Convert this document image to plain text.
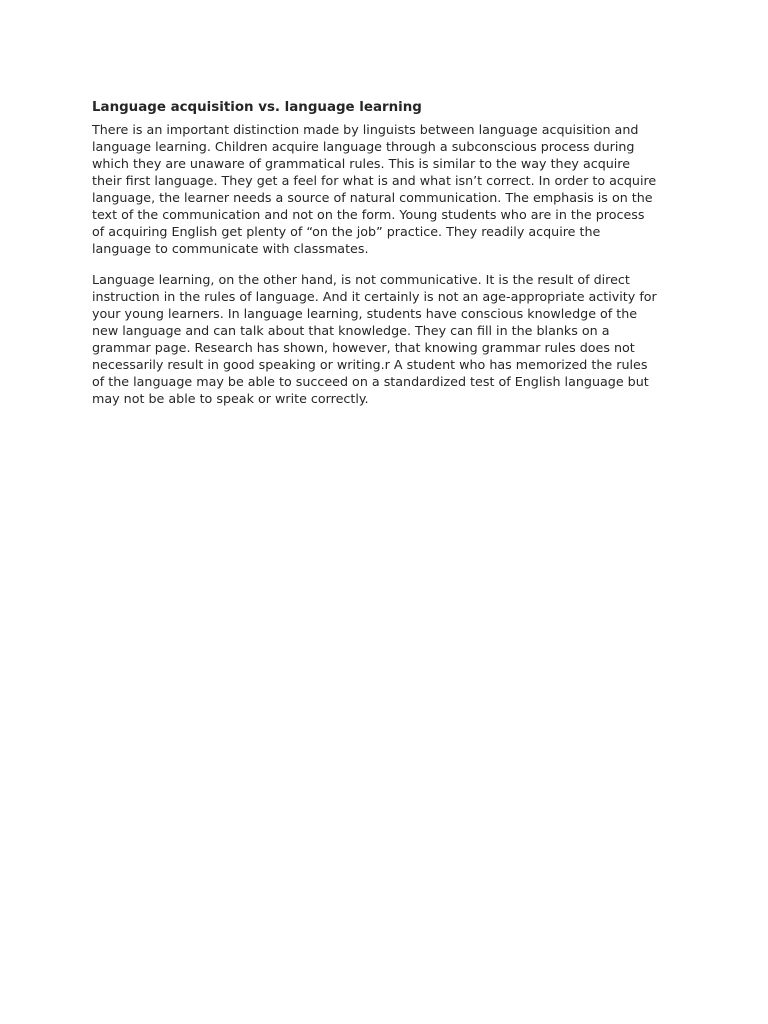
Language acquisition vs. language learning

There is an important distinction made by linguists between language acquisition and
language learning. Children acquire language through a subconscious process during
which they are unaware of grammatical rules. This is similar to the way they acquire
their first language. They get a feel for what is and what isn’t correct. In order to acquire
language, the learner needs a source of natural communication. The emphasis is on the
text of the communication and not on the form. Young students who are in the process
of acquiring English get plenty of “on the job” practice. They readily acquire the
language to communicate with classmates.

Language learning, on the other hand, is not communicative. It is the result of direct
instruction in the rules of language. And it certainly is not an age-appropriate activity for
your young learners. In language learning, students have conscious knowledge of the
new language and can talk about that knowledge. They can fill in the blanks on a
grammar page. Research has shown, however, that knowing grammar rules does not
necessarily result in good speaking or writing.r A student who has memorized the rules
of the language may be able to succeed on a standardized test of English language but
may not be able to speak or write correctly.
